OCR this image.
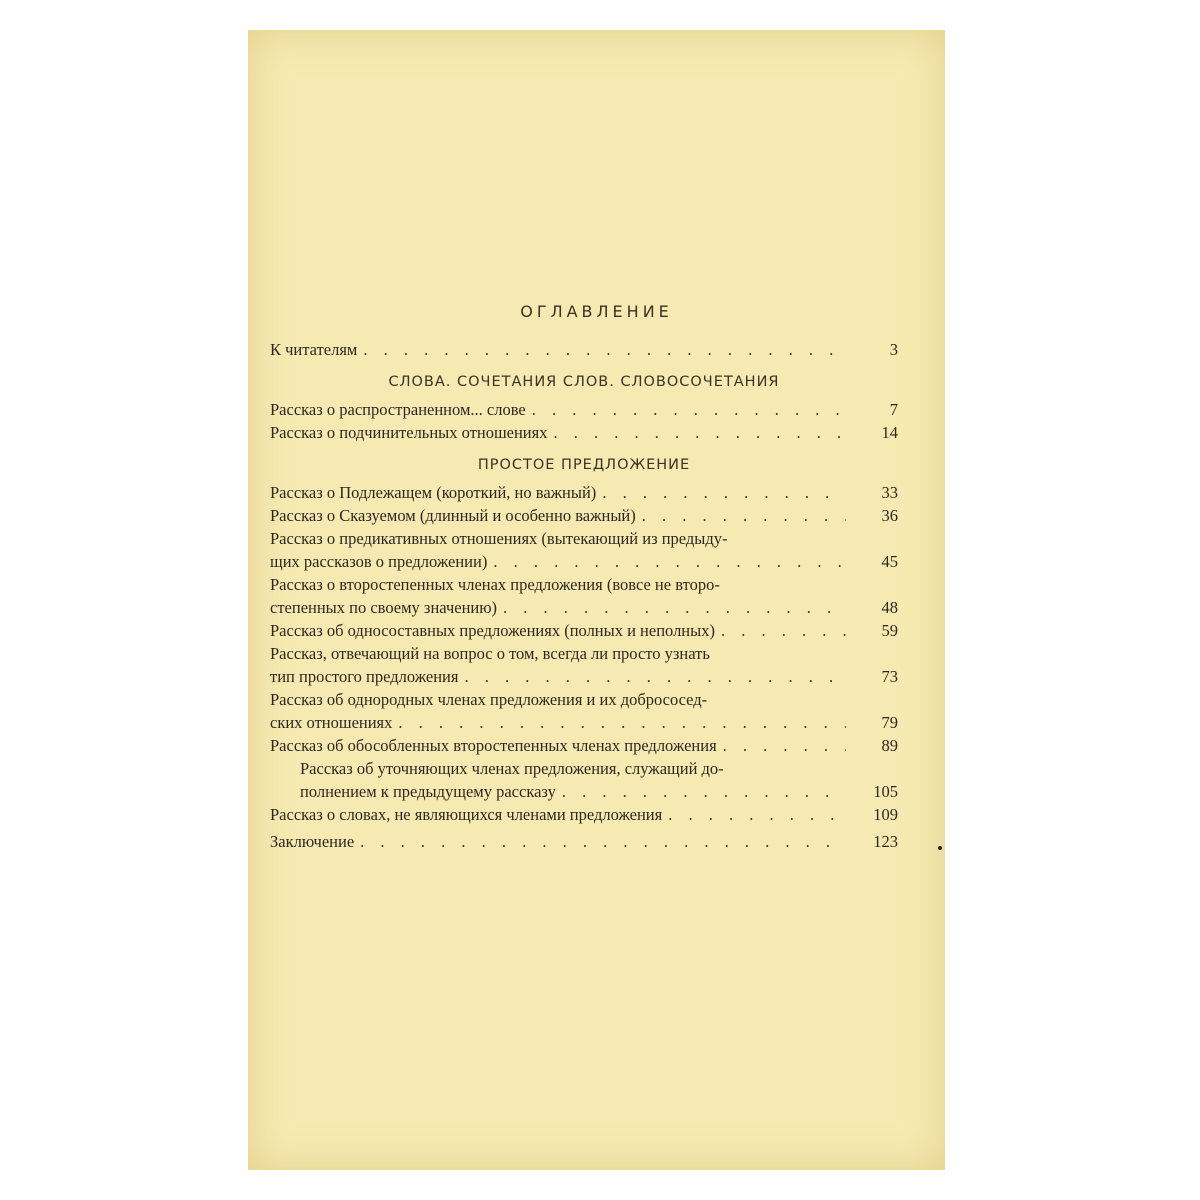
ОГЛАВЛЕНИЕ
К читателям . . .	3
СЛОВА. СОЧЕТАНИЯ СЛОВ. СЛОВОСОЧЕТАНИЯ
Рассказ о распространенном... слове . . .	7
Рассказ о подчинительных отношениях . . .	14
ПРОСТОЕ ПРЕДЛОЖЕНИЕ
Рассказ о Подлежащем (короткий, но важный) . . .	33
Рассказ о Сказуемом (длинный и особенно важный) . . .	36
Рассказ о предикативных отношениях (вытекающий из предыду-
щих рассказов о предложении) . . .	45
Рассказ о второстепенных членах предложения (вовсе не второ-
степенных по своему значению) . . .	48
Рассказ об односоставных предложениях (полных и неполных) . . .	59
Рассказ, отвечающий на вопрос о том, всегда ли просто узнать
тип простого предложения . . .	73
Рассказ об однородных членах предложения и их добрососед-
ских отношениях . . .	79
Рассказ об обособленных второстепенных членах предложения . . .	89
Рассказ об уточняющих членах предложения, служащий до-
полнением к предыдущему рассказу . . .	105
Рассказ о словах, не являющихся членами предложения . . .	109
Заключение . . .	123
